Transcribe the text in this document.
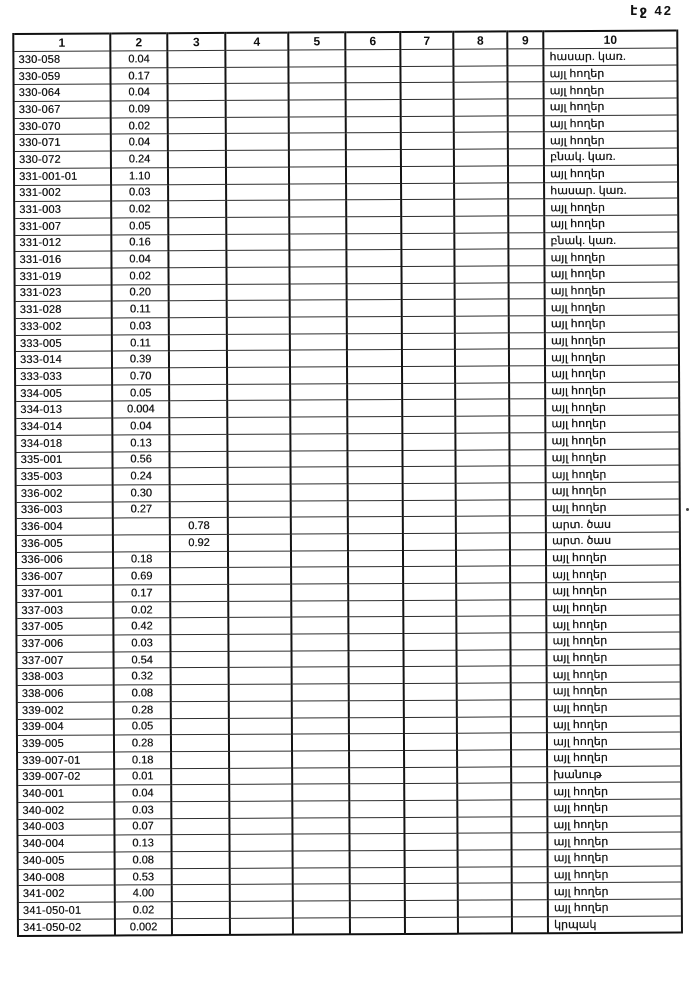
էջ 42
1	2	3	4	5	6	7	8	9	10
330-058	0.04								հասար. կառ.
330-059	0.17								այլ հողեր
330-064	0.04								այլ հողեր
330-067	0.09								այլ հողեր
330-070	0.02								այլ հողեր
330-071	0.04								այլ հողեր
330-072	0.24								բնակ. կառ.
331-001-01	1.10								այլ հողեր
331-002	0.03								հասար. կառ.
331-003	0.02								այլ հողեր
331-007	0.05								այլ հողեր
331-012	0.16								բնակ. կառ.
331-016	0.04								այլ հողեր
331-019	0.02								այլ հողեր
331-023	0.20								այլ հողեր
331-028	0.11								այլ հողեր
333-002	0.03								այլ հողեր
333-005	0.11								այլ հողեր
333-014	0.39								այլ հողեր
333-033	0.70								այլ հողեր
334-005	0.05								այլ հողեր
334-013	0.004								այլ հողեր
334-014	0.04								այլ հողեր
334-018	0.13								այլ հողեր
335-001	0.56								այլ հողեր
335-003	0.24								այլ հողեր
336-002	0.30								այլ հողեր
336-003	0.27								այլ հողեր
336-004		0.78							արտ. ծաս
336-005		0.92							արտ. ծաս
336-006	0.18								այլ հողեր
336-007	0.69								այլ հողեր
337-001	0.17								այլ հողեր
337-003	0.02								այլ հողեր
337-005	0.42								այլ հողեր
337-006	0.03								այլ հողեր
337-007	0.54								այլ հողեր
338-003	0.32								այլ հողեր
338-006	0.08								այլ հողեր
339-002	0.28								այլ հողեր
339-004	0.05								այլ հողեր
339-005	0.28								այլ հողեր
339-007-01	0.18								այլ հողեր
339-007-02	0.01								խանութ
340-001	0.04								այլ հողեր
340-002	0.03								այլ հողեր
340-003	0.07								այլ հողեր
340-004	0.13								այլ հողեր
340-005	0.08								այլ հողեր
340-008	0.53								այլ հողեր
341-002	4.00								այլ հողեր
341-050-01	0.02								այլ հողեր
341-050-02	0.002								կրպակ
